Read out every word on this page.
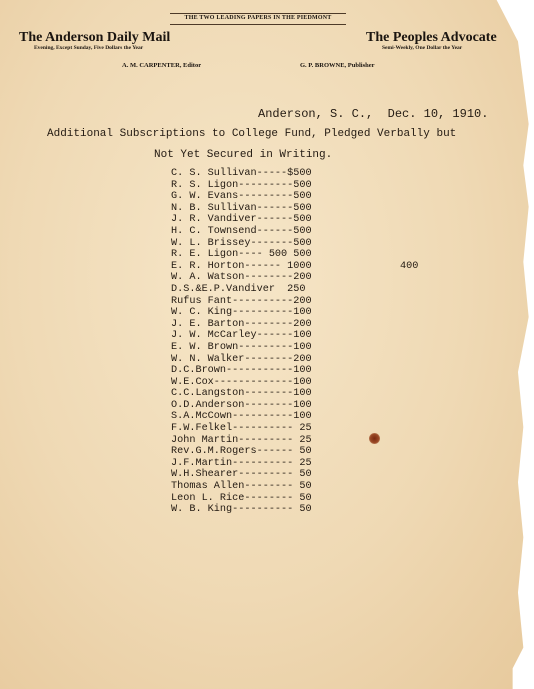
THE TWO LEADING PAPERS IN THE PIEDMONT
The Anderson Daily Mail
Evening, Except Sunday, Five Dollars the Year
The Peoples Advocate
Semi-Weekly, One Dollar the Year
A. M. CARPENTER, Editor	G. P. BROWNE, Publisher
Anderson, S. C.,  Dec. 10, 1910.
Additional Subscriptions to College Fund, Pledged Verbally but
Not Yet Secured in Writing.
C. S. Sullivan-----$500
R. S. Ligon---------500
G. W. Evans---------500
N. B. Sullivan------500
J. R. Vandiver------500
H. C. Townsend------500
W. L. Brissey-------500
R. E. Ligon---- 500 500
E. R. Horton------ 1000	400
W. A. Watson--------200
D.S.&E.P.Vandiver  250
Rufus Fant----------200
W. C. King----------100
J. E. Barton--------200
J. W. McCarley------100
E. W. Brown---------100
W. N. Walker--------200
D.C.Brown-----------100
W.E.Cox-------------100
C.C.Langston--------100
O.D.Anderson--------100
S.A.McCown----------100
F.W.Felkel---------- 25
John Martin--------- 25
Rev.G.M.Rogers------ 50
J.F.Martin---------- 25
W.H.Shearer--------- 50
Thomas Allen-------- 50
Leon L. Rice-------- 50
W. B. King---------- 50
